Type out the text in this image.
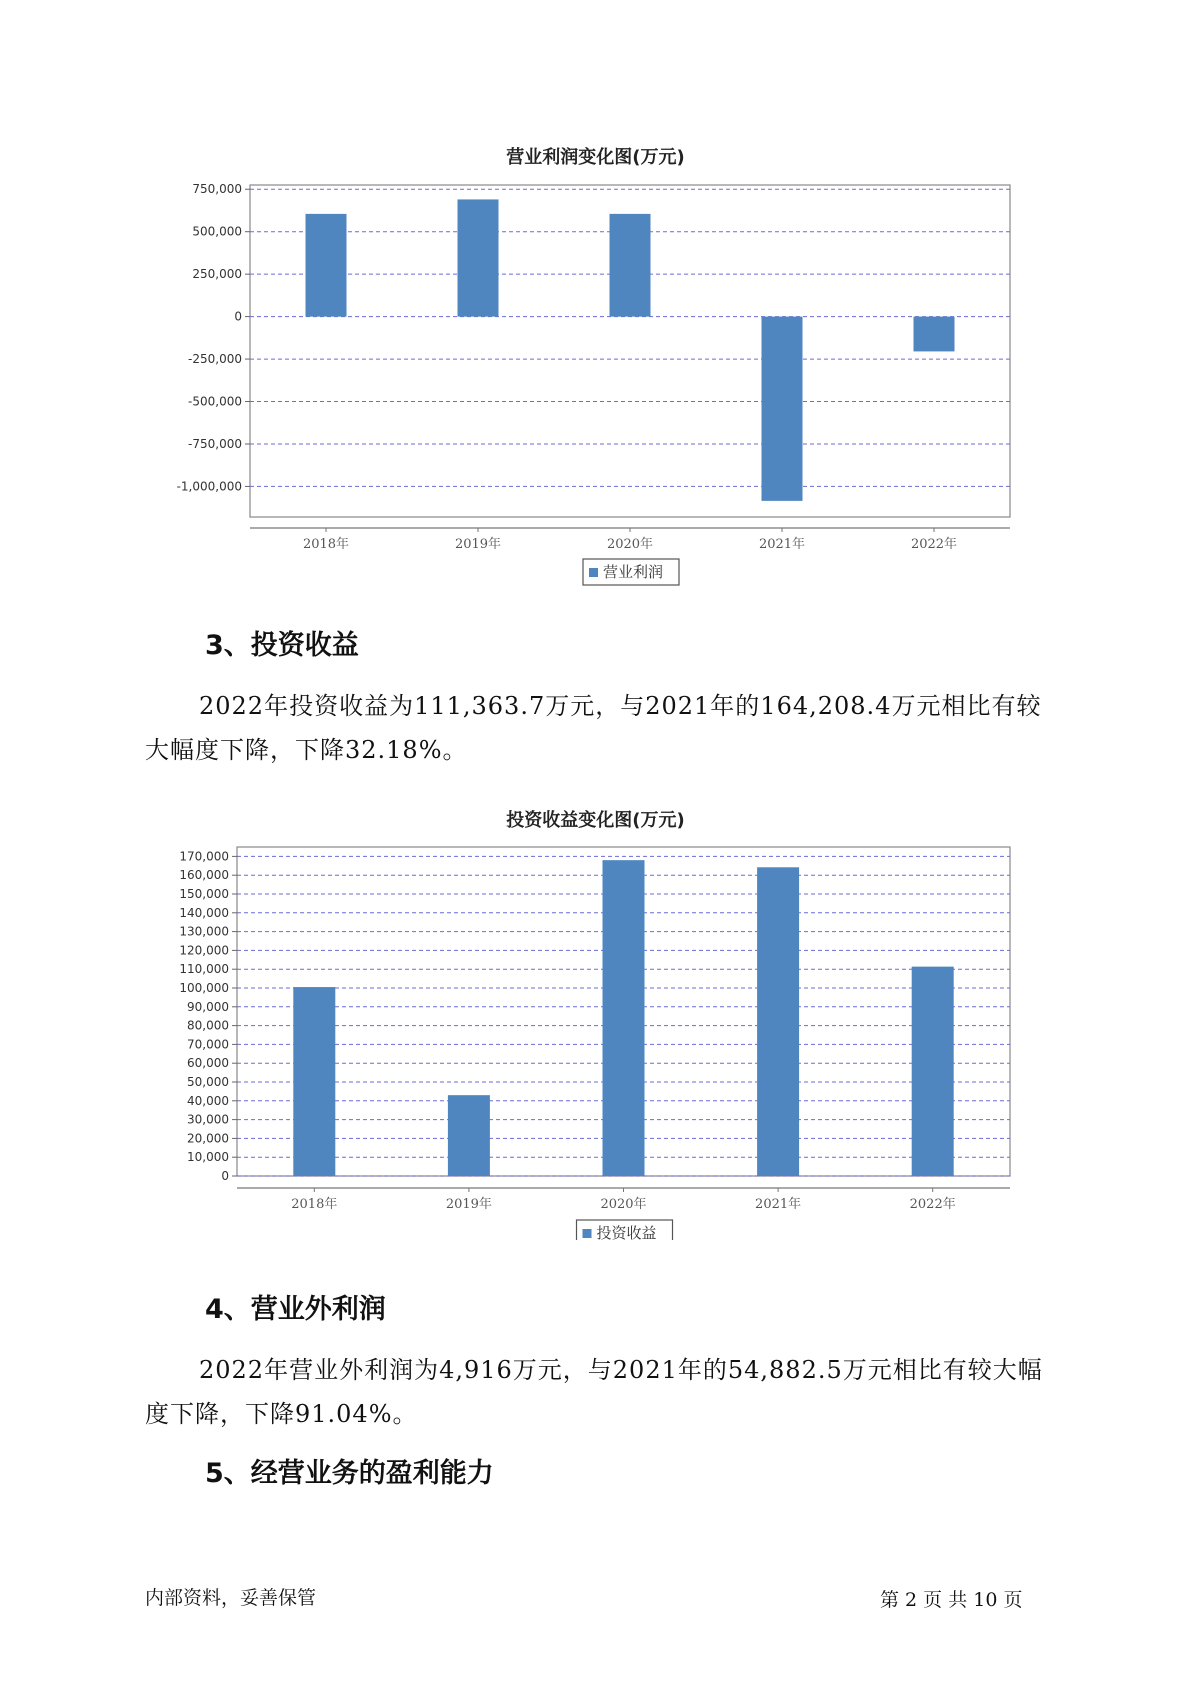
营业利润变化图(万元)
750,000
500,000
250,000
0
-250,000
-500,000
-750,000
-1,000,000
2018年	2019年	2020年	2021年	2022年
营业利润
3、投资收益

2022年投资收益为111,363.7万元，与2021年的164,208.4万元相比有较大幅度下降，下降32.18%。

投资收益变化图(万元)
0
10,000
20,000
30,000
40,000
50,000
60,000
70,000
80,000
90,000
100,000
110,000
120,000
130,000
140,000
150,000
160,000
170,000
2018年	2019年	2020年	2021年	2022年
投资收益
4、营业外利润

2022年营业外利润为4,916万元，与2021年的54,882.5万元相比有较大幅度下降，下降91.04%。

5、经营业务的盈利能力
内部资料，妥善保管	第 2 页 共 10 页
